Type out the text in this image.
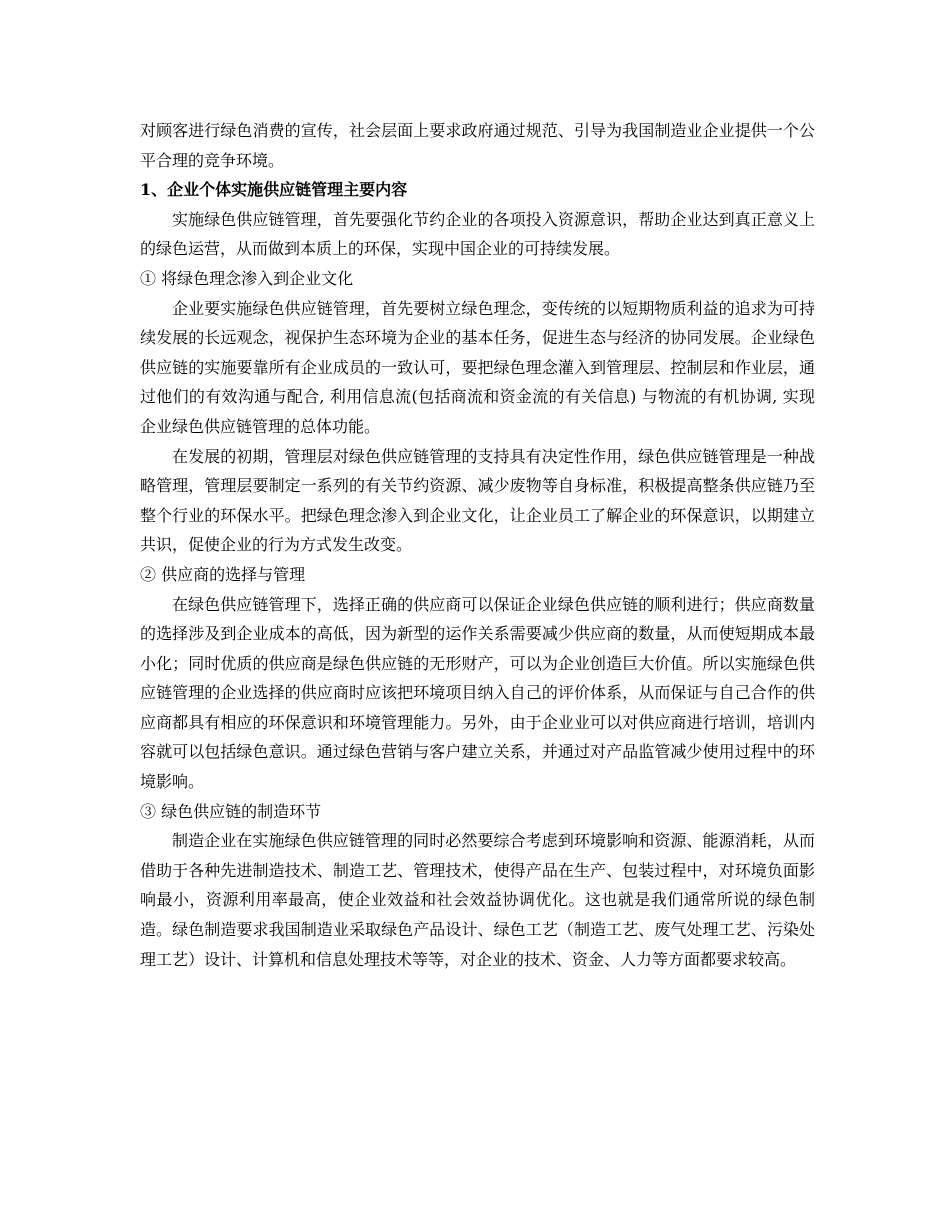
对顾客进行绿色消费的宣传，社会层面上要求政府通过规范、引导为我国制造业企业提供一个公平合理的竞争环境。

1、企业个体实施供应链管理主要内容

实施绿色供应链管理，首先要强化节约企业的各项投入资源意识，帮助企业达到真正意义上的绿色运营，从而做到本质上的环保，实现中国企业的可持续发展。

① 将绿色理念渗入到企业文化

企业要实施绿色供应链管理，首先要树立绿色理念，变传统的以短期物质利益的追求为可持续发展的长远观念，视保护生态环境为企业的基本任务，促进生态与经济的协同发展。企业绿色供应链的实施要靠所有企业成员的一致认可，要把绿色理念灌入到管理层、控制层和作业层，通过他们的有效沟通与配合, 利用信息流(包括商流和资金流的有关信息) 与物流的有机协调, 实现企业绿色供应链管理的总体功能。

在发展的初期，管理层对绿色供应链管理的支持具有决定性作用，绿色供应链管理是一种战略管理，管理层要制定一系列的有关节约资源、减少废物等自身标准，积极提高整条供应链乃至整个行业的环保水平。把绿色理念渗入到企业文化，让企业员工了解企业的环保意识，以期建立共识，促使企业的行为方式发生改变。

② 供应商的选择与管理

在绿色供应链管理下，选择正确的供应商可以保证企业绿色供应链的顺利进行；供应商数量的选择涉及到企业成本的高低，因为新型的运作关系需要减少供应商的数量，从而使短期成本最小化；同时优质的供应商是绿色供应链的无形财产，可以为企业创造巨大价值。所以实施绿色供应链管理的企业选择的供应商时应该把环境项目纳入自己的评价体系，从而保证与自己合作的供应商都具有相应的环保意识和环境管理能力。另外，由于企业业可以对供应商进行培训，培训内容就可以包括绿色意识。通过绿色营销与客户建立关系，并通过对产品监管减少使用过程中的环境影响。

③ 绿色供应链的制造环节

制造企业在实施绿色供应链管理的同时必然要综合考虑到环境影响和资源、能源消耗，从而借助于各种先进制造技术、制造工艺、管理技术，使得产品在生产、包装过程中，对环境负面影响最小，资源利用率最高，使企业效益和社会效益协调优化。这也就是我们通常所说的绿色制造。绿色制造要求我国制造业采取绿色产品设计、绿色工艺（制造工艺、废气处理工艺、污染处理工艺）设计、计算机和信息处理技术等等，对企业的技术、资金、人力等方面都要求较高。
